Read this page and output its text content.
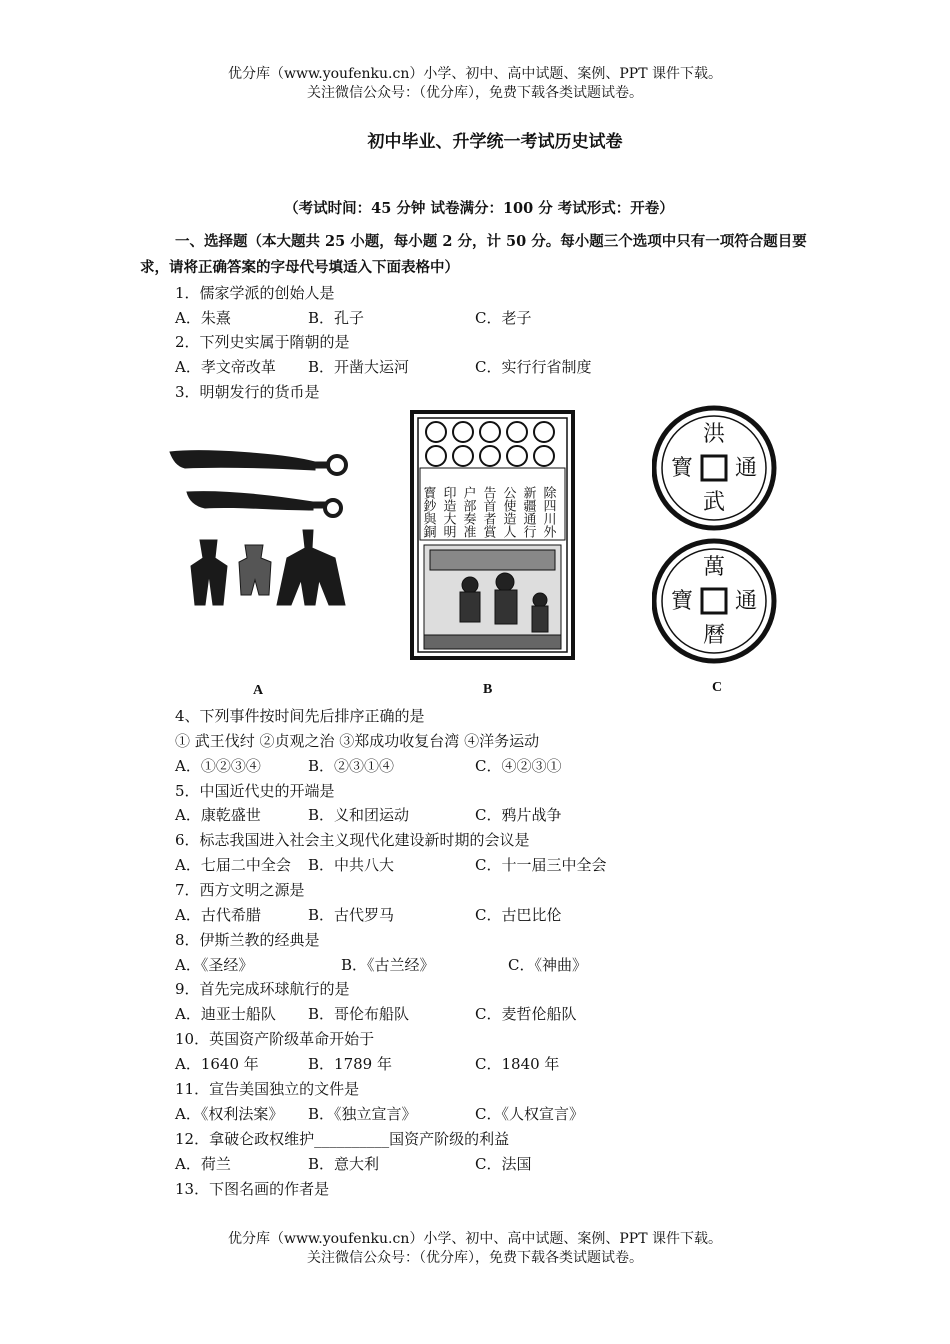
优分库（www.youfenku.cn）小学、初中、高中试题、案例、PPT 课件下载。
关注微信公众号：（优分库），免费下载各类试题试卷。
初中毕业、升学统一考试历史试卷
（考试时间：45 分钟 试卷满分：100 分 考试形式：开卷）
一、选择题（本大题共 25 小题，每小题 2 分，计 50 分。每小题三个选项中只有一项符合题目要求，请将正确答案的字母代号填适入下面表格中）
1．儒家学派的创始人是
A．朱熹	B．孔子	C．老子
2．下列史实属于隋朝的是
A．孝文帝改革 B．开凿大运河	C．实行行省制度
3．明朝发行的货币是
A
除四川外
新疆通行
公使造人
告首者賞
户部奏准
印造大明
寳鈔與銅
B
洪
通
武
寳
萬
通
曆
寶
C
4、下列事件按时间先后排序正确的是
① 武王伐纣 ②贞观之治 ③郑成功收复台湾 ④洋务运动
A．①②③④	B．②③①④	C．④②③①
5．中国近代史的开端是
A．康乾盛世	B．义和团运动	C．鸦片战争
6．标志我国进入社会主义现代化建设新时期的会议是
A．七届二中全会 B．中共八大	C．十一届三中全会
7．西方文明之源是
A．古代希腊	B．古代罗马	C．古巴比伦
8．伊斯兰教的经典是
A．《圣经》	B．《古兰经》	C．《神曲》
9．首先完成环球航行的是
A．迪亚士船队 B．哥伦布船队	C．麦哲伦船队
10．英国资产阶级革命开始于
A．1640 年	B．1789 年	C．1840 年
11．宣告美国独立的文件是
A．《权利法案》 B．《独立宣言》	C．《人权宣言》
12．拿破仑政权维护__________国资产阶级的利益
A．荷兰	B．意大利	C．法国
13．下图名画的作者是
优分库（www.youfenku.cn）小学、初中、高中试题、案例、PPT 课件下载。
关注微信公众号：（优分库），免费下载各类试题试卷。
